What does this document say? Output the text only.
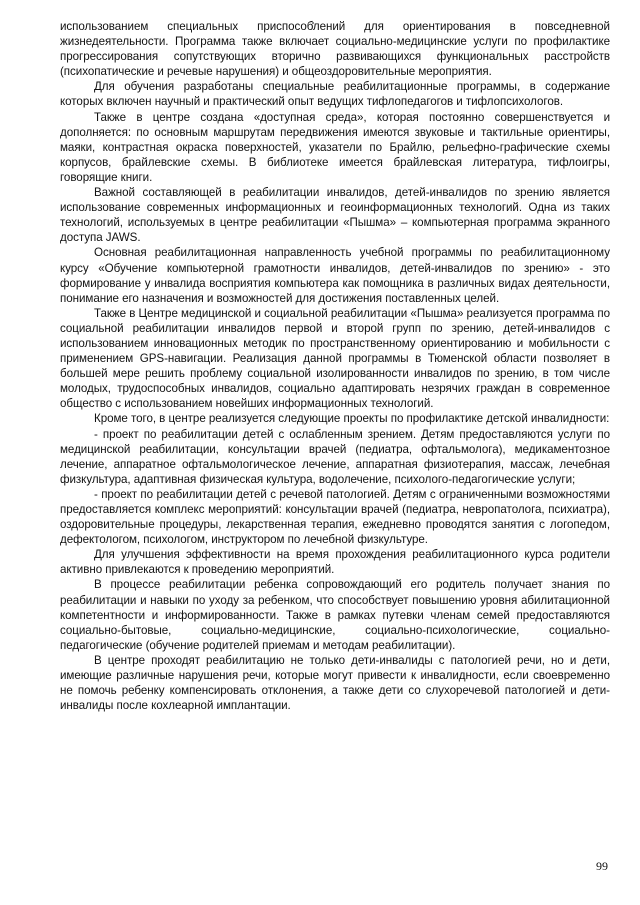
использованием специальных приспособлений для ориентирования в повседневной жизнедеятельности. Программа также включает социально-медицинские услуги по профилактике прогрессирования сопутствующих вторично развивающихся функциональных расстройств (психопатические и речевые нарушения) и общеоздоровительные мероприятия.

Для обучения разработаны специальные реабилитационные программы, в содержание которых включен научный и практический опыт ведущих тифлопедагогов и тифлопсихологов.

Также в центре создана «доступная среда», которая постоянно совершенствуется и дополняется: по основным маршрутам передвижения имеются звуковые и тактильные ориентиры, маяки, контрастная окраска поверхностей, указатели по Брайлю, рельефно-графические схемы корпусов, брайлевские схемы. В библиотеке имеется брайлевская литература, тифлоигры, говорящие книги.

Важной составляющей в реабилитации инвалидов, детей-инвалидов по зрению является использование современных информационных и геоинформационных технологий. Одна из таких технологий, используемых в центре реабилитации «Пышма» – компьютерная программа экранного доступа JAWS.

Основная реабилитационная направленность учебной программы по реабилитационному курсу «Обучение компьютерной грамотности инвалидов, детей-инвалидов по зрению» - это формирование у инвалида восприятия компьютера как помощника в различных видах деятельности, понимание его назначения и возможностей для достижения поставленных целей.

Также в Центре медицинской и социальной реабилитации «Пышма» реализуется программа по социальной реабилитации инвалидов первой и второй групп по зрению, детей-инвалидов с использованием инновационных методик по пространственному ориентированию и мобильности с применением GPS-навигации. Реализация данной программы в Тюменской области позволяет в большей мере решить проблему социальной изолированности инвалидов по зрению, в том числе молодых, трудоспособных инвалидов, социально адаптировать незрячих граждан в современное общество с использованием новейших информационных технологий.

Кроме того, в центре реализуется следующие проекты по профилактике детской инвалидности:

- проект по реабилитации детей с ослабленным зрением. Детям предоставляются услуги по медицинской реабилитации, консультации врачей (педиатра, офтальмолога), медикаментозное лечение, аппаратное офтальмологическое лечение, аппаратная физиотерапия, массаж, лечебная физкультура, адаптивная физическая культура, водолечение, психолого-педагогические услуги;

- проект по реабилитации детей с речевой патологией. Детям с ограниченными возможностями предоставляется комплекс мероприятий: консультации врачей (педиатра, невропатолога, психиатра), оздоровительные процедуры, лекарственная терапия, ежедневно проводятся занятия с логопедом, дефектологом, психологом, инструктором по лечебной физкультуре.

Для улучшения эффективности на время прохождения реабилитационного курса родители активно привлекаются к проведению мероприятий.

В процессе реабилитации ребенка сопровождающий его родитель получает знания по реабилитации и навыки по уходу за ребенком, что способствует повышению уровня абилитационной компетентности и информированности. Также в рамках путевки членам семей предоставляются социально-бытовые, социально-медицинские, социально-психологические, социально-педагогические (обучение родителей приемам и методам реабилитации).

В центре проходят реабилитацию не только дети-инвалиды с патологией речи, но и дети, имеющие различные нарушения речи, которые могут привести к инвалидности, если своевременно не помочь ребенку компенсировать отклонения, а также дети со слухоречевой патологией и дети-инвалиды после кохлеарной имплантации.

99
